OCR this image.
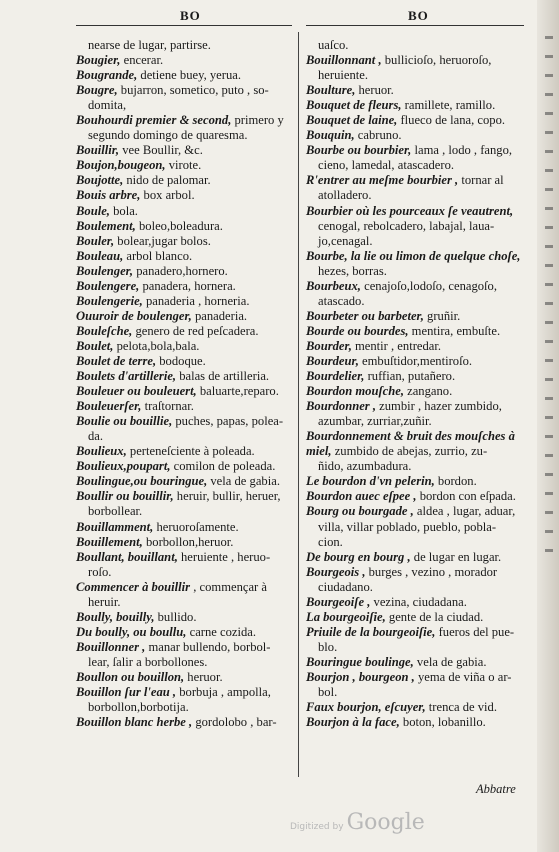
BO	BO
nearse de lugar, partirse.
Bougier, encerar.
Bougrande, detiene buey, yerua.
Bougre, bujarron, sometico, puto , so-
domita,
Bouhourdi premier & second, primero y
segundo domingo de quaresma.
Bouillir, vee Boullir, &c.
Boujon,bougeon, virote.
Boujotte, nido de palomar.
Bouis arbre, box arbol.
Boule, bola.
Boulement, boleo,boleadura.
Bouler, bolear,jugar bolos.
Bouleau, arbol blanco.
Boulenger, panadero,hornero.
Boulengere, panadera, hornera.
Boulengerie, panaderia , horneria.
Ouuroir de boulenger, panaderia.
Bouleſche, genero de red peſcadera.
Boulet, pelota,bola,bala.
Boulet de terre, bodoque.
Boulets d'artillerie, balas de artilleria.
Bouleuer ou bouleuert, baluarte,reparo.
Bouleuerſer, traſtornar.
Boulie ou bouillie, puches, papas, polea-
da.
Boulieux, perteneſciente à poleada.
Boulieux,poupart, comilon de poleada.
Boulingue,ou bouringue, vela de gabia.
Boullir ou bouillir, heruir, bullir, heruer,
borbollear.
Bouillamment, heruoroſamente.
Bouillement, borbollon,heruor.
Boullant, bouillant, heruiente , heruo-
roſo.
Commencer à bouillir , commençar à
heruir.
Boully, bouilly, bullido.
Du boully, ou boullu, carne cozida.
Bouillonner , manar bullendo, borbol-
lear, ſalir a borbollones.
Boullon ou bouillon, heruor.
Bouillon ſur l'eau , borbuja , ampolla,
borbollon,borbotija.
Bouillon blanc herbe , gordolobo , bar-
uaſco.
Bouillonnant , bullicioſo, heruoroſo,
heruiente.
Boulture, heruor.
Bouquet de fleurs, ramillete, ramillo.
Bouquet de laine, flueco de lana, copo.
Bouquin, cabruno.
Bourbe ou bourbier, lama , lodo , fango,
cieno, lamedal, atascadero.
R'entrer au meſme bourbier , tornar al
atolladero.
Bourbier où les pourceaux ſe veautrent,
cenogal, rebolcadero, labajal, laua-
jo,cenagal.
Bourbe, la lie ou limon de quelque choſe,
hezes, borras.
Bourbeux, cenajoſo,lodoſo, cenagoſo,
atascado.
Bourbeter ou barbeter, gruñir.
Bourde ou bourdes, mentira, embuſte.
Bourder, mentir , entredar.
Bourdeur, embuſtidor,mentiroſo.
Bourdelier, ruffian, putañero.
Bourdon mouſche, zangano.
Bourdonner , zumbir , hazer zumbido,
azumbar, zurriar,zuñir.
Bourdonnement & bruit des mouſches à
miel, zumbido de abejas, zurrio, zu-
ñido, azumbadura.
Le bourdon d'vn pelerin, bordon.
Bourdon auec eſpee , bordon con eſpada.
Bourg ou bourgade , aldea , lugar, aduar,
villa, villar poblado, pueblo, pobla-
cion.
De bourg en bourg , de lugar en lugar.
Bourgeois , burges , vezino , morador
ciudadano.
Bourgeoiſe , vezina, ciudadana.
La bourgeoiſie, gente de la ciudad.
Priuile de la bourgeoiſie, fueros del pue-
blo.
Bouringue boulinge, vela de gabia.
Bourjon , bourgeon , yema de viña o ar-
bol.
Faux bourjon, eſcuyer, trenca de vid.
Bourjon à la face, boton, lobanillo.
Abbatre
Digitized by Google
